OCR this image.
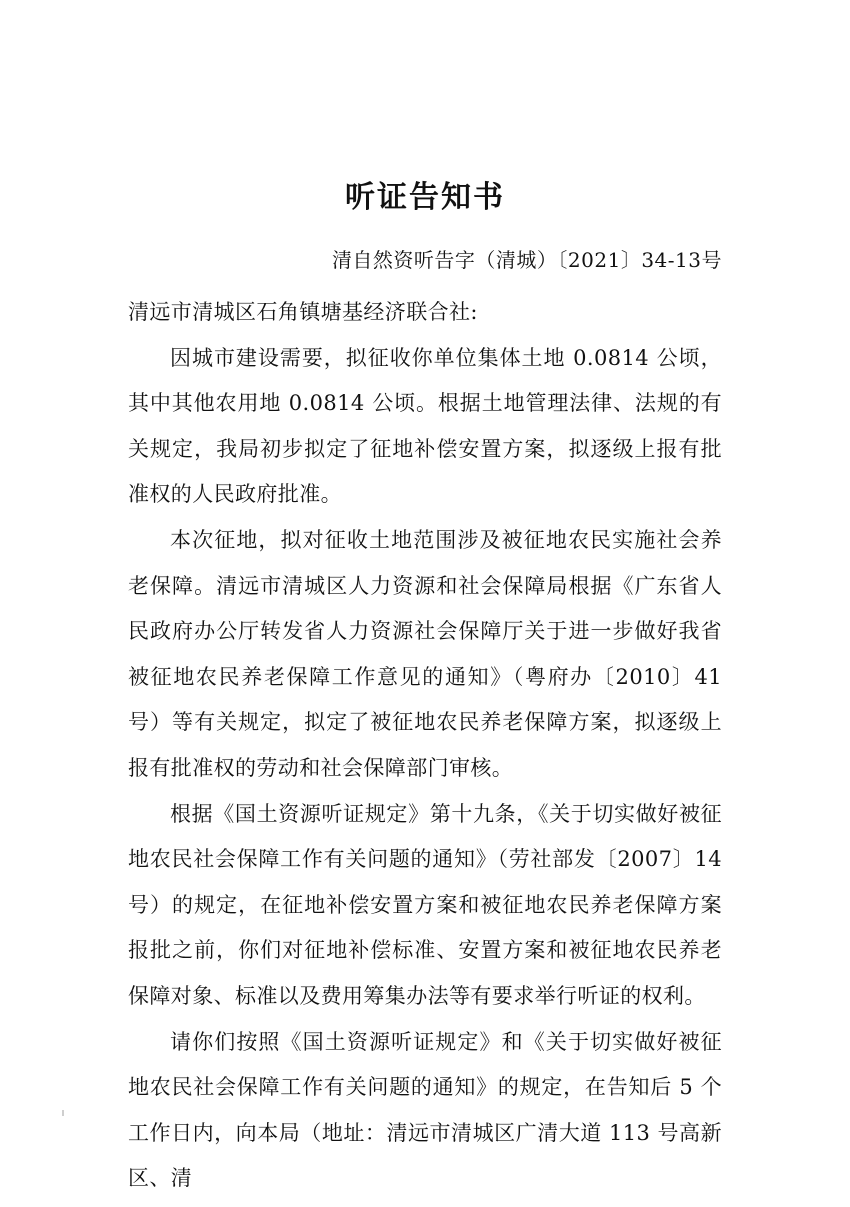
听证告知书
清自然资听告字（清城）〔2021〕34-13号

清远市清城区石角镇塘基经济联合社:

因城市建设需要，拟征收你单位集体土地 0.0814 公顷，其中其他农用地 0.0814 公顷。根据土地管理法律、法规的有关规定，我局初步拟定了征地补偿安置方案，拟逐级上报有批准权的人民政府批准。

本次征地，拟对征收土地范围涉及被征地农民实施社会养老保障。清远市清城区人力资源和社会保障局根据《广东省人民政府办公厅转发省人力资源社会保障厅关于进一步做好我省被征地农民养老保障工作意见的通知》（粤府办〔2010〕41 号）等有关规定，拟定了被征地农民养老保障方案，拟逐级上报有批准权的劳动和社会保障部门审核。

根据《国土资源听证规定》第十九条，《关于切实做好被征地农民社会保障工作有关问题的通知》（劳社部发〔2007〕14 号）的规定，在征地补偿安置方案和被征地农民养老保障方案报批之前，你们对征地补偿标准、安置方案和被征地农民养老保障对象、标准以及费用筹集办法等有要求举行听证的权利。

请你们按照《国土资源听证规定》和《关于切实做好被征地农民社会保障工作有关问题的通知》的规定，在告知后 5 个工作日内，向本局（地址：清远市清城区广清大道 113 号高新区、清
